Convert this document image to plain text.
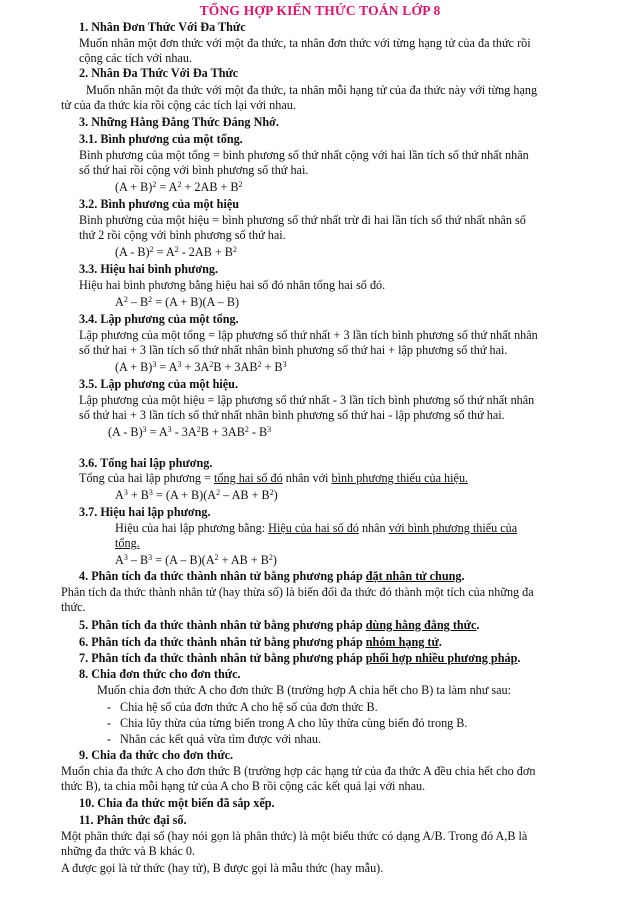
TỔNG HỢP KIẾN THỨC TOÁN LỚP 8
1. Nhân Đơn Thức Với Đa Thức
Muốn nhân một đơn thức với một đa thức, ta nhân đơn thức với từng hạng tử của đa thức rồi
cộng các tích với nhau.
2. Nhân Đa Thức Với Đa Thức
Muốn nhân một đa thức với một đa thức, ta nhân mỗi hạng tử của đa thức này với từng hạng
tử của đa thức kia rồi cộng các tích lại với nhau.
3. Những Hằng Đẳng Thức Đáng Nhớ.
3.1. Bình phương của một tổng.
Bình phương của một tổng = bình phương số thứ nhất cộng với hai lần tích số thứ nhất nhân
số thứ hai rồi cộng với bình phương số thứ hai.
$(A + B)^2 = A^2 + 2AB + B^2$
3.2. Bình phương của một hiệu
Bình phường của một hiệu = bình phương số thứ nhất trừ đi hai lần tích số thứ nhất nhân số
thứ 2 rồi cộng với bình phương số thứ hai.
$(A - B)^2 = A^2 - 2AB + B^2$
3.3. Hiệu hai bình phương.
Hiệu hai bình phương bằng hiệu hai số đó nhân tổng hai số đó.
$A^2 - B^2 = (A + B)(A - B)$
3.4. Lập phương của một tổng.
Lập phương của một tổng = lập phương số thứ nhất + 3 lần tích bình phương số thứ nhất nhân
số thứ hai + 3 lần tích số thứ nhất nhân bình phương số thứ hai + lập phương số thứ hai.
$(A + B)^3 = A^3 + 3A^2B + 3AB^2 + B^3$
3.5. Lập phương của một hiệu.
Lập phương của một hiệu = lập phương số thứ nhất - 3 lần tích bình phương số thứ nhất nhân
số thứ hai + 3 lần tích số thứ nhất nhân bình phương số thứ hai - lập phương số thứ hai.
$(A - B)^3 = A^3 - 3A^2B + 3AB^2 - B^3$
3.6. Tổng hai lập phương.
Tổng của hai lập phương = tổng hai số đó nhân với bình phương thiếu của hiệu.
$A^3 + B^3 = (A + B)(A^2$ – AB + $B^2$)
3.7. Hiệu hai lập phương.
Hiệu của hai lập phương bằng: Hiệu của hai số đó nhân với bình phương thiếu của
tổng.
$A^3 - B^3 = (A - B)(A^2$ + AB + $B^2$)
4. Phân tích đa thức thành nhân tử bằng phương pháp đặt nhân tử chung.
Phân tích đa thức thành nhân tử (hay thừa số) là biến đổi đa thức đó thành một tích của những đa
thức.
5. Phân tích đa thức thành nhân tử bằng phương pháp dùng hằng đẳng thức.
6. Phân tích đa thức thành nhân tử bằng phương pháp nhóm hạng tử.
7. Phân tích đa thức thành nhân tử bằng phương pháp phối hợp nhiều phương pháp.
8. Chia đơn thức cho đơn thức.
Muốn chia đơn thức A cho đơn thức B (trường hợp A chia hết cho B) ta làm như sau:
- Chia hệ số của đơn thức A cho hệ số của đơn thức B.
- Chia lũy thừa của từng biến trong A cho lũy thừa cùng biến đó trong B.
- Nhân các kết quả vừa tìm được với nhau.
9. Chia đa thức cho đơn thức.
Muốn chia đa thức A cho đơn thức B (trường hợp các hạng tử của đa thức A đều chia hết cho đơn
thức B), ta chia mỗi hạng tử của A cho B rồi cộng các kết quả lại với nhau.
10. Chia đa thức một biến đã sắp xếp.
11. Phân thức đại số.
Một phân thức đại số (hay nói gọn là phân thức) là một biểu thức có dạng A/B. Trong đó A,B là
những đa thức và B khác 0.
A được gọi là tử thức (hay tử), B được gọi là mẫu thức (hay mẫu).
